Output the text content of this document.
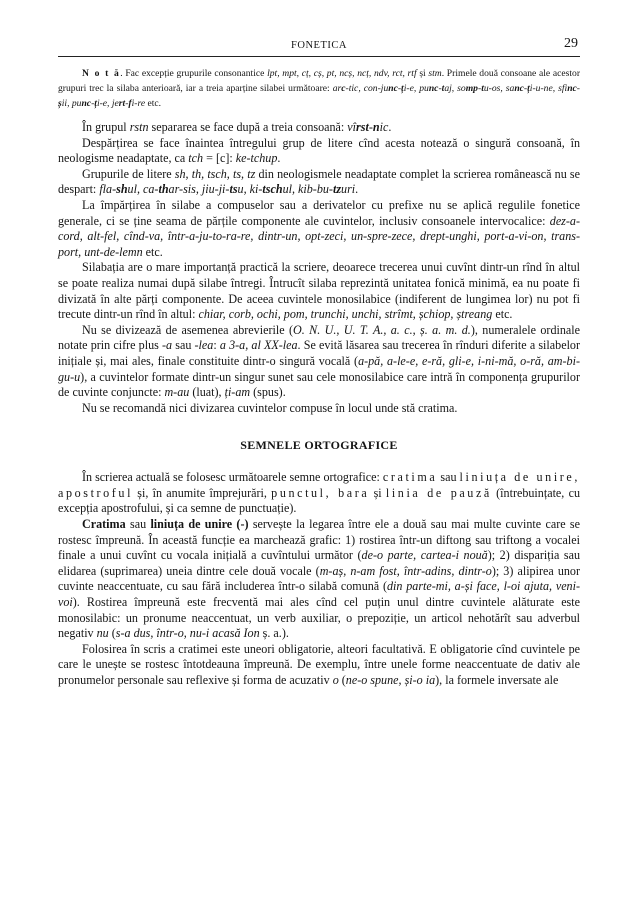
FONETICA	29

N o t ă. Fac excepție grupurile consonantice lpt, mpt, cț, cș, pt, ncș, ncț, ndv, rct, rtf și stm. Primele două consoane ale acestor grupuri trec la silaba anterioară, iar a treia aparține silabei următoare: arc-tic, con-junc-ți-e, punc-taj, somp-tu-os, sanc-ți-u-ne, sfinc-șii, punc-ți-e, jert-fi-re etc.

În grupul rstn separarea se face după a treia consoană: vîrst-nic.

Despărțirea se face înaintea întregului grup de litere cînd acesta notează o singură consoană, în neologisme neadaptate, ca tch = [c]: ke-tchup.

Grupurile de litere sh, th, tsch, ts, tz din neologismele neadaptate complet la scrierea românească nu se despart: fla-shul, ca-thar-sis, jiu-ji-tsu, ki-tschul, kib-bu-tzuri.

La împărțirea în silabe a compuselor sau a derivatelor cu prefixe nu se aplică regulile fonetice generale, ci se ține seama de părțile componente ale cuvintelor, inclusiv consoanele intervocalice: dez-a-cord, alt-fel, cînd-va, într-a-ju-to-ra-re, dintr-un, opt-zeci, un-spre-zece, drept-unghi, port-a-vi-on, trans-port, unt-de-lemn etc.

Silabația are o mare importanță practică la scriere, deoarece trecerea unui cuvînt dintr-un rînd în altul se poate realiza numai după silabe întregi. Întrucît silaba reprezintă unitatea fonică minimă, ea nu poate fi divizată în alte părți componente. De aceea cuvintele monosilabice (indiferent de lungimea lor) nu pot fi trecute dintr-un rînd în altul: chiar, corb, ochi, pom, trunchi, unchi, strîmt, șchiop, ștreang etc.

Nu se divizează de asemenea abrevierile (O. N. U., U. T. A., a. c., ș. a. m. d.), numeralele ordinale notate prin cifre plus -a sau -lea: a 3-a, al XX-lea. Se evită lăsarea sau trecerea în rînduri diferite a silabelor inițiale și, mai ales, finale constituite dintr-o singură vocală (a-pă, a-le-e, e-ră, gli-e, i-ni-mă, o-ră, am-bi-gu-u), a cuvintelor formate dintr-un singur sunet sau cele monosilabice care intră în componența grupurilor de cuvinte conjuncte: m-au (luat), ți-am (spus).

Nu se recomandă nici divizarea cuvintelor compuse în locul unde stă cratima.

SEMNELE ORTOGRAFICE

În scrierea actuală se folosesc următoarele semne ortografice: cratima sau liniuța de unire, apostroful și, în anumite împrejurări, punctul, bara și linia de pauză (întrebuințate, cu excepția apostrofului, și ca semne de punctuație).

Cratima sau liniuța de unire (-) servește la legarea între ele a două sau mai multe cuvinte care se rostesc împreună. În această funcție ea marchează grafic: 1) rostirea într-un diftong sau triftong a vocalei finale a unui cuvînt cu vocala inițială a cuvîntului următor (de-o parte, cartea-i nouă); 2) dispariția sau elidarea (suprimarea) uneia dintre cele două vocale (m-aș, n-am fost, într-adins, dintr-o); 3) alipirea unor cuvinte neaccentuate, cu sau fără includerea într-o silabă comună (din parte-mi, a-și face, l-oi ajuta, veni-voi). Rostirea împreună este frecventă mai ales cînd cel puțin unul dintre cuvintele alăturate este monosilabic: un pronume neaccentuat, un verb auxiliar, o prepoziție, un articol nehotărît sau adverbul negativ nu (s-a dus, într-o, nu-i acasă Ion ș. a.).

Folosirea în scris a cratimei este uneori obligatorie, alteori facultativă. E obligatorie cînd cuvintele pe care le unește se rostesc întotdeauna împreună. De exemplu, între unele forme neaccentuate de dativ ale pronumelor personale sau reflexive și forma de acuzativ o (ne-o spune, și-o ia), la formele inversate ale
